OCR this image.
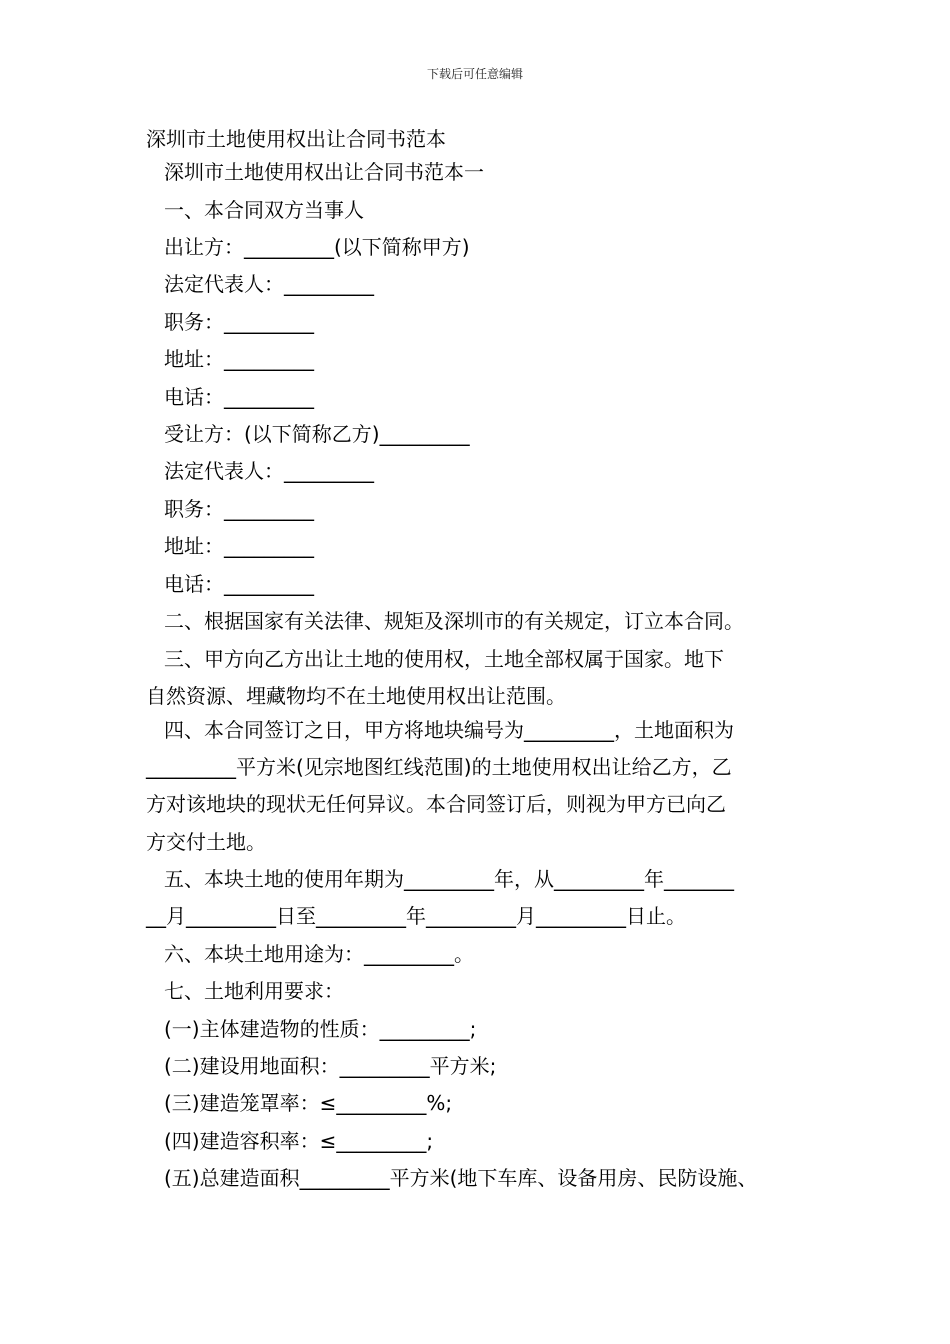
下载后可任意编辑
深圳市土地使用权出让合同书范本
深圳市土地使用权出让合同书范本一
一、本合同双方当事人
出让方：_________(以下简称甲方)
法定代表人：_________
职务：_________
地址：_________
电话：_________
受让方：(以下简称乙方)_________
法定代表人：_________
职务：_________
地址：_________
电话：_________
二、根据国家有关法律、规矩及深圳市的有关规定，订立本合同。
三、甲方向乙方出让土地的使用权，土地全部权属于国家。地下
自然资源、埋藏物均不在土地使用权出让范围。
四、本合同签订之日，甲方将地块编号为_________，土地面积为
_________平方米(见宗地图红线范围)的土地使用权出让给乙方，乙
方对该地块的现状无任何异议。本合同签订后，则视为甲方已向乙
方交付土地。
五、本块土地的使用年期为_________年，从_________年_______
__月_________日至_________年_________月_________日止。
六、本块土地用途为：_________。
七、土地利用要求：
(一)主体建造物的性质：_________;
(二)建设用地面积：_________平方米;
(三)建造笼罩率：≤_________%;
(四)建造容积率：≤_________;
(五)总建造面积_________平方米(地下车库、设备用房、民防设施、
